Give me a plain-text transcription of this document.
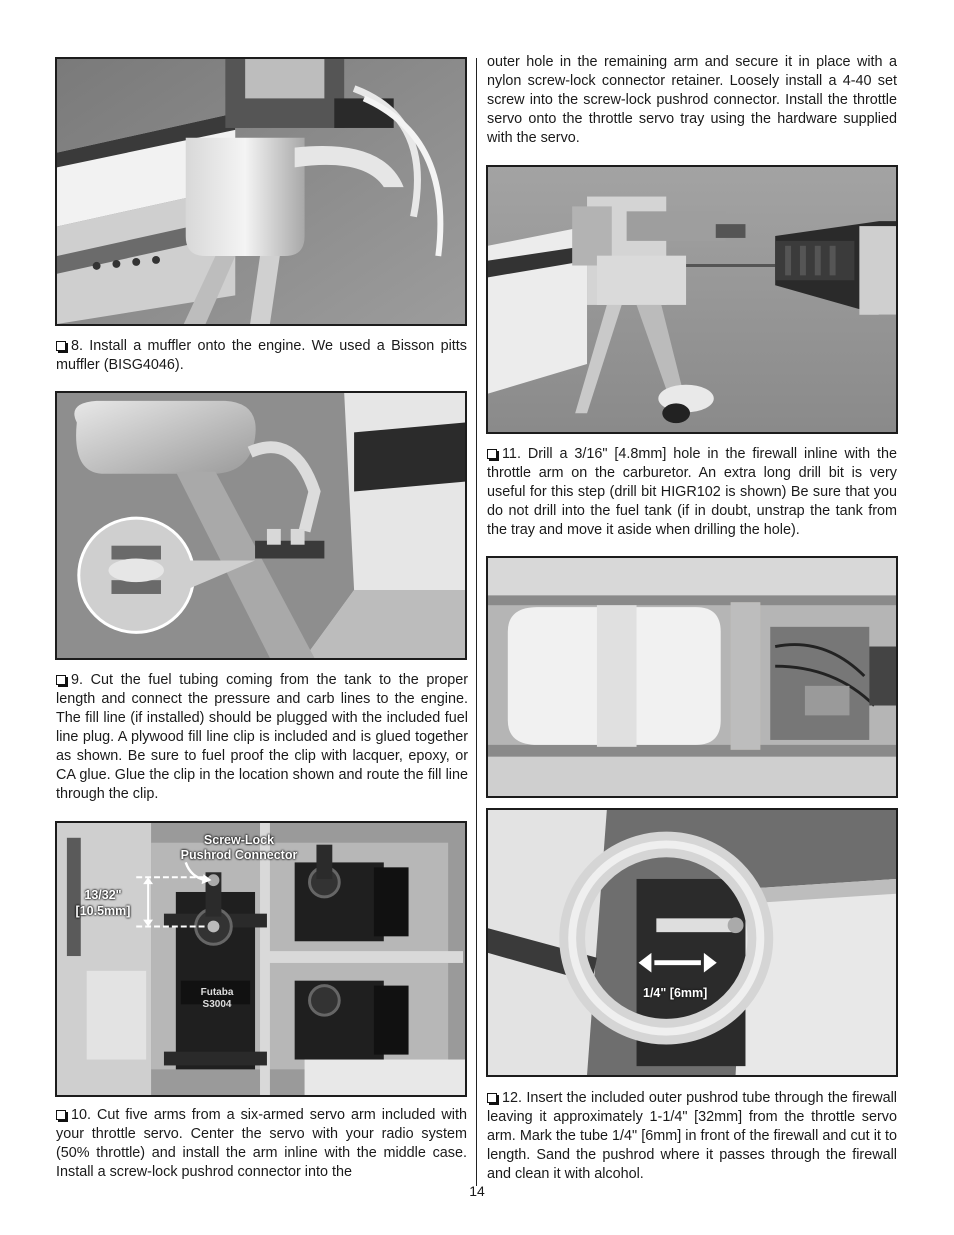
8. Install a muffler onto the engine. We used a Bisson pitts muffler (BISG4046).

9. Cut the fuel tubing coming from the tank to the proper length and connect the pressure and carb lines to the engine. The fill line (if installed) should be plugged with the included fuel line plug. A plywood fill line clip is included and is glued together as shown. Be sure to fuel proof the clip with lacquer, epoxy, or CA glue. Glue the clip in the location shown and route the fill line through the clip.

Screw-Lock
Pushrod Connector
13/32"
[10.5mm]
Futaba
S3004

10. Cut five arms from a six-armed servo arm included with your throttle servo. Center the servo with your radio system (50% throttle) and install the arm inline with the middle case. Install a screw-lock pushrod connector into the

outer hole in the remaining arm and secure it in place with a nylon screw-lock connector retainer. Loosely install a 4-40 set screw into the screw-lock pushrod connector. Install the throttle servo onto the throttle servo tray using the hardware supplied with the servo.

11. Drill a 3/16" [4.8mm] hole in the firewall inline with the throttle arm on the carburetor. An extra long drill bit is very useful for this step (drill bit HIGR102 is shown) Be sure that you do not drill into the fuel tank (if in doubt, unstrap the tank from the tray and move it aside when drilling the hole).

1/4" [6mm]

12. Insert the included outer pushrod tube through the firewall leaving it approximately 1-1/4" [32mm] from the throttle servo arm. Mark the tube 1/4" [6mm] in front of the firewall and cut it to length. Sand the pushrod where it passes through the firewall and clean it with alcohol.

14
